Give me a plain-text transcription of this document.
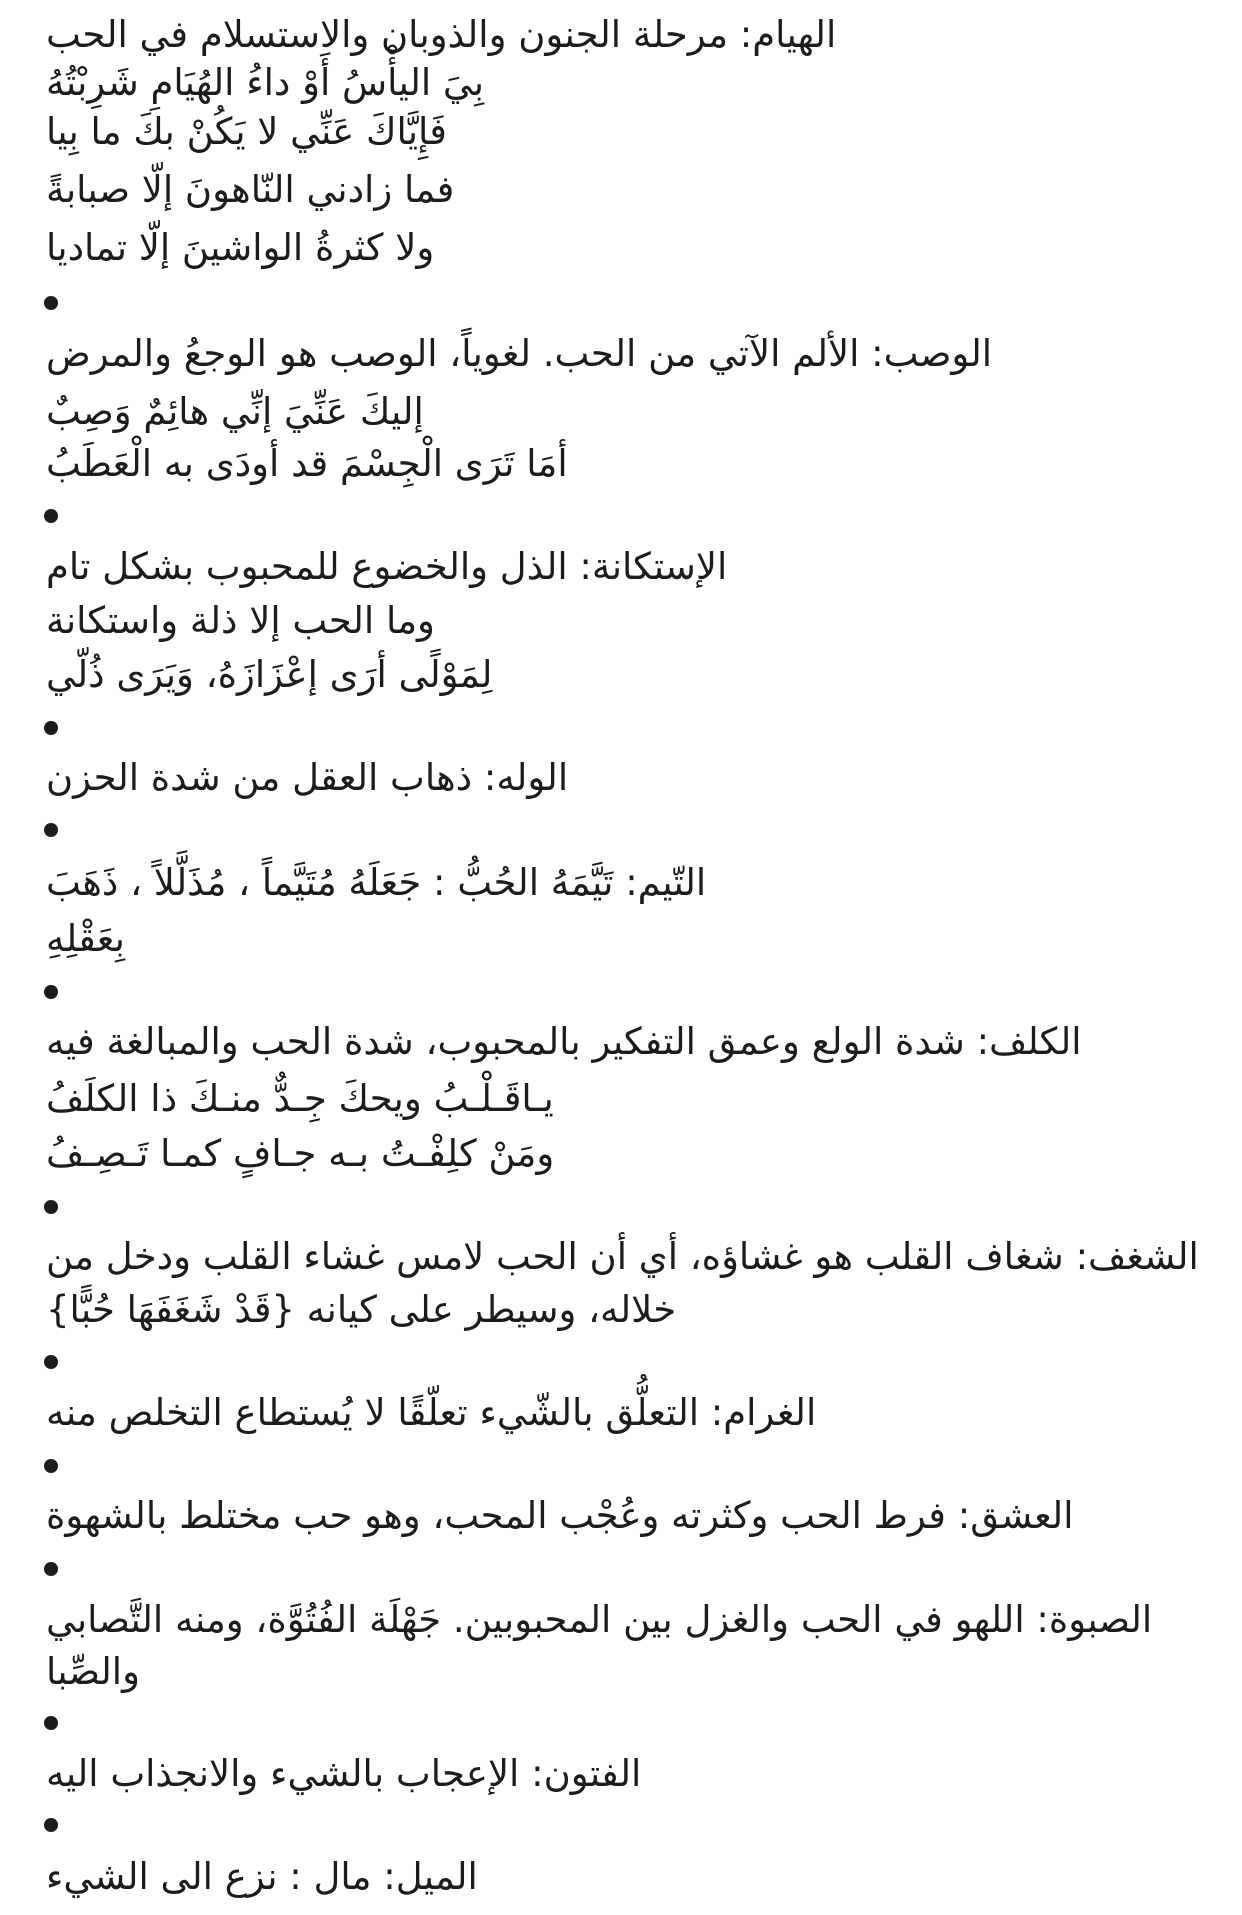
الهيام: مرحلة الجنون والذوبان والاستسلام في الحب
بِيَ اليأْسُ أَوْ داءُ الهُيَامِ شَرِبْتُهُ
فَإِيَّاكَ عَنِّي لا يَكُنْ بكَ ما بِيا
فما زادني النّاهونَ إلّا صبابةً
ولا كثرةُ الواشينَ إلّا تماديا
الوصب: الألم الآتي من الحب. لغوياً، الوصب هو الوجعُ والمرض
إليكَ عَنِّيَ إنِّي هائِمٌ وَصِبٌ
أمَا تَرَى الْجِسْمَ قد أودَى به الْعَطَبُ
الإستكانة: الذل والخضوع للمحبوب بشكل تام
وما الحب إلا ذلة واستكانة
لِمَوْلًى أرَى إعْزَازَهُ، وَيَرَى ذُلّي
الوله: ذهاب العقل من شدة الحزن
التّيم: تَيَّمَهُ الحُبُّ : جَعَلَهُ مُتَيَّماً ، مُذَلَّلاً ، ذَهَبَ
بِعَقْلِهِ
الكلف: شدة الولع وعمق التفكير بالمحبوب، شدة الحب والمبالغة فيه
يـاقَـلْـبُ ويحكَ جِـدٌّ منـكَ ذا الكلَفُ
ومَنْ كلِفْـتُ بـه جـافٍ كمـا تَـصِـفُ
الشغف: شغاف القلب هو غشاؤه، أي أن الحب لامس غشاء القلب ودخل من
خلاله، وسيطر على كيانه {قَدْ شَغَفَهَا حُبًّا}
الغرام: التعلُّق بالشّيء تعلّقًا لا يُستطاع التخلص منه
العشق: فرط الحب وكثرته وعُجْب المحب، وهو حب مختلط بالشهوة
الصبوة: اللهو في الحب والغزل بين المحبوبين. جَهْلَة الفُتُوَّة، ومنه التَّصابي
والصِّبا
الفتون: الإعجاب بالشيء والانجذاب اليه
الميل: مال : نزع الى الشيء
